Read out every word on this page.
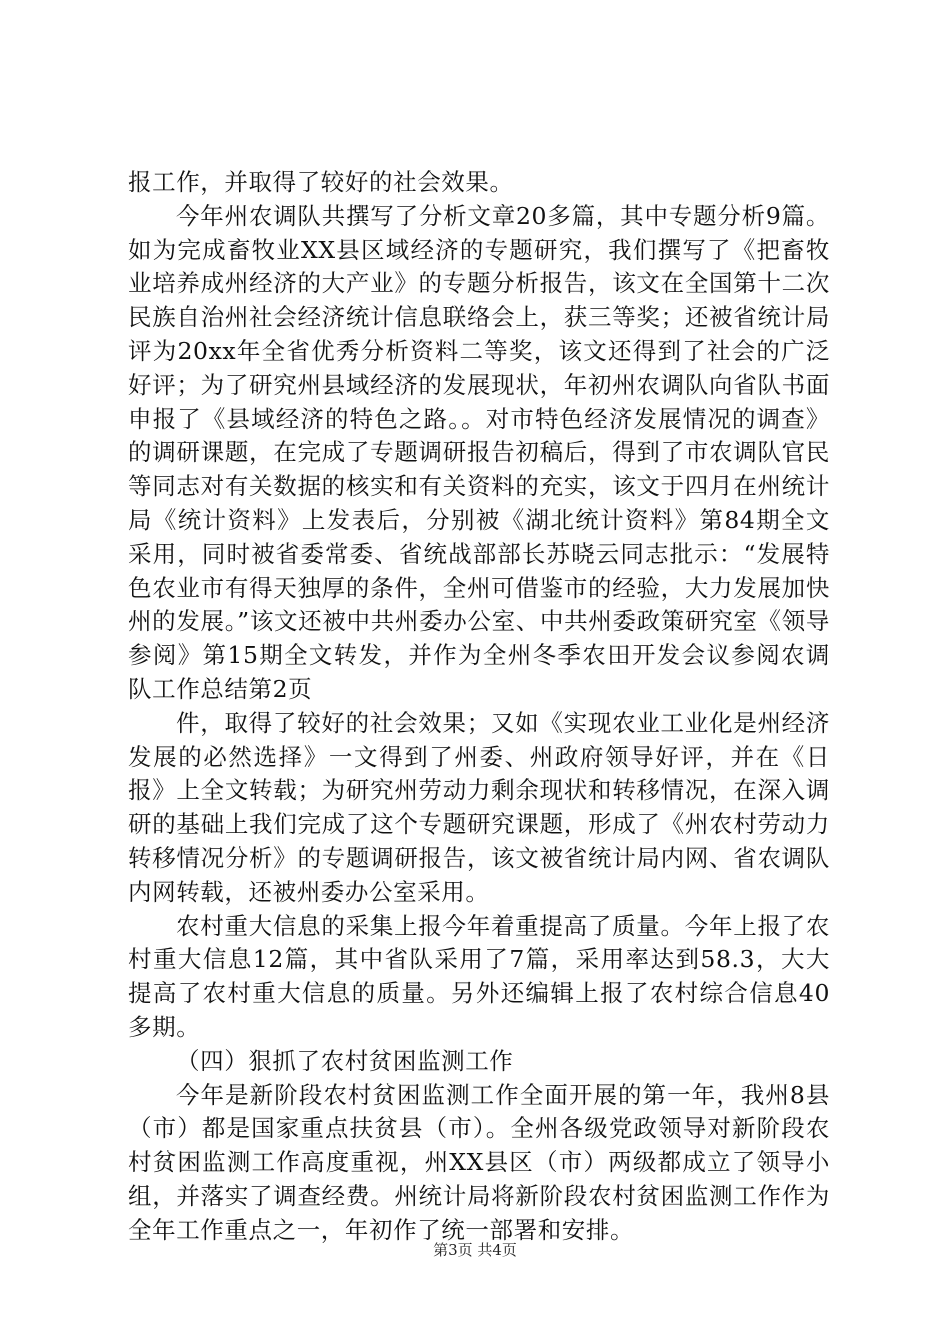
报工作，并取得了较好的社会效果。

今年州农调队共撰写了分析文章20多篇，其中专题分析9篇。如为完成畜牧业XX县区域经济的专题研究，我们撰写了《把畜牧业培养成州经济的大产业》的专题分析报告，该文在全国第十二次民族自治州社会经济统计信息联络会上，获三等奖；还被省统计局评为20xx年全省优秀分析资料二等奖，该文还得到了社会的广泛好评；为了研究州县域经济的发展现状，年初州农调队向省队书面申报了《县域经济的特色之路。。对市特色经济发展情况的调查》的调研课题，在完成了专题调研报告初稿后，得到了市农调队官民等同志对有关数据的核实和有关资料的充实，该文于四月在州统计局《统计资料》上发表后，分别被《湖北统计资料》第84期全文采用，同时被省委常委、省统战部部长苏晓云同志批示：“发展特色农业市有得天独厚的条件，全州可借鉴市的经验，大力发展加快州的发展。”该文还被中共州委办公室、中共州委政策研究室《领导参阅》第15期全文转发，并作为全州冬季农田开发会议参阅农调队工作总结第2页

件，取得了较好的社会效果；又如《实现农业工业化是州经济发展的必然选择》一文得到了州委、州政府领导好评，并在《日报》上全文转载；为研究州劳动力剩余现状和转移情况，在深入调研的基础上我们完成了这个专题研究课题，形成了《州农村劳动力转移情况分析》的专题调研报告，该文被省统计局内网、省农调队内网转载，还被州委办公室采用。

农村重大信息的采集上报今年着重提高了质量。今年上报了农村重大信息12篇，其中省队采用了7篇，采用率达到58.3，大大提高了农村重大信息的质量。另外还编辑上报了农村综合信息40多期。

（四）狠抓了农村贫困监测工作

今年是新阶段农村贫困监测工作全面开展的第一年，我州8县（市）都是国家重点扶贫县（市）。全州各级党政领导对新阶段农村贫困监测工作高度重视，州XX县区（市）两级都成立了领导小组，并落实了调查经费。州统计局将新阶段农村贫困监测工作作为全年工作重点之一，年初作了统一部署和安排。

第3页 共4页
